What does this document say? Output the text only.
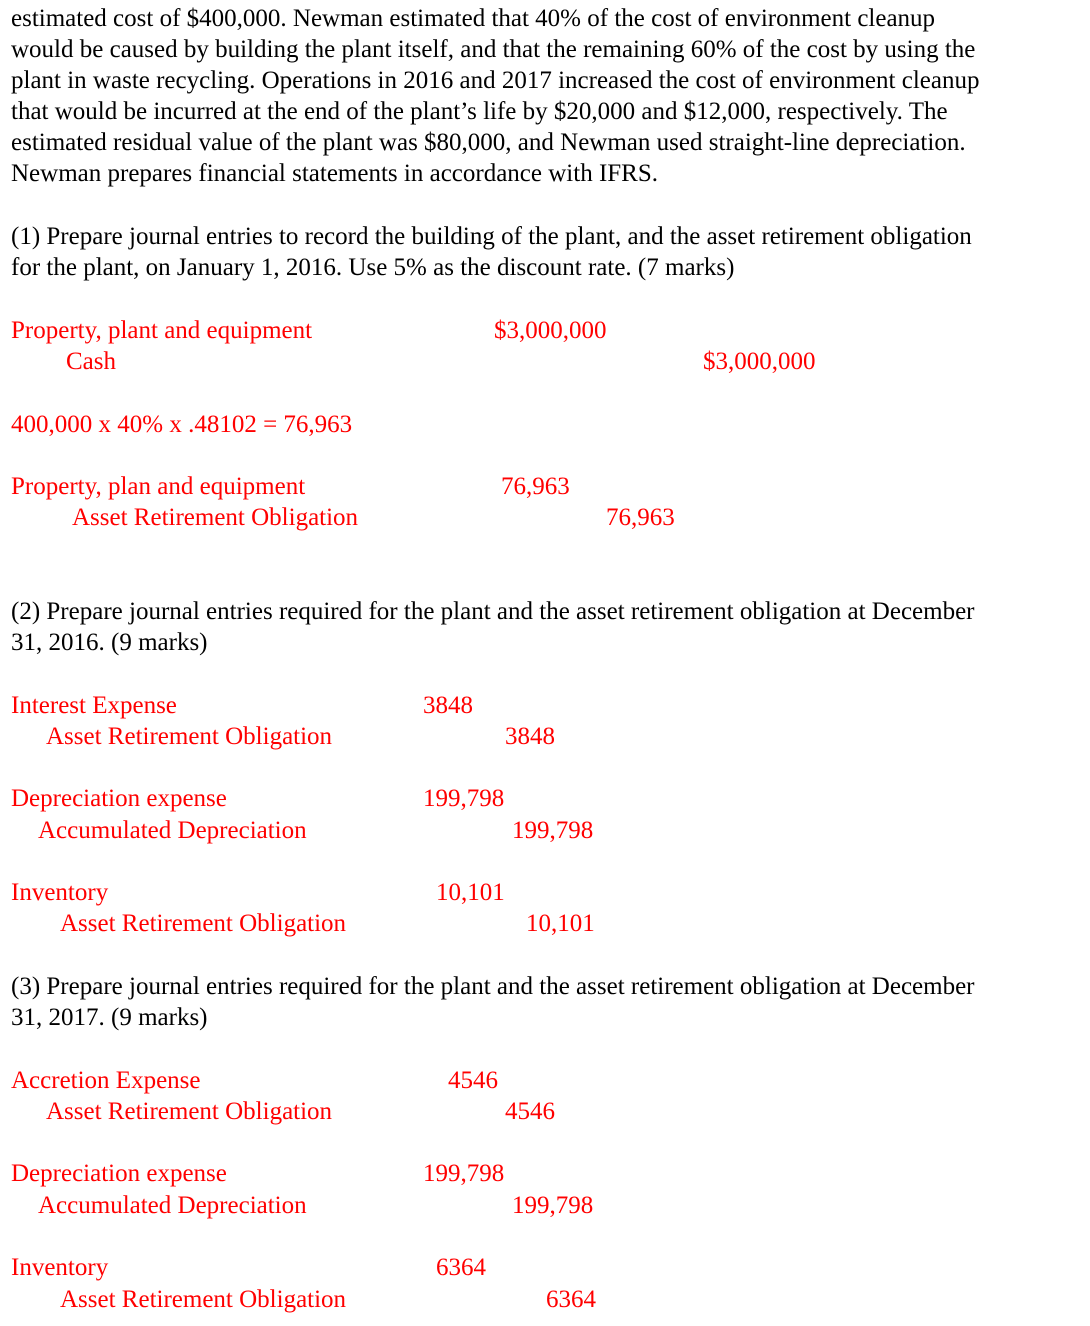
estimated cost of $400,000. Newman estimated that 40% of the cost of environment cleanup
would be caused by building the plant itself, and that the remaining 60% of the cost by using the
plant in waste recycling. Operations in 2016 and 2017 increased the cost of environment cleanup
that would be incurred at the end of the plant’s life by $20,000 and $12,000, respectively. The
estimated residual value of the plant was $80,000, and Newman used straight-line depreciation.
Newman prepares financial statements in accordance with IFRS.
(1) Prepare journal entries to record the building of the plant, and the asset retirement obligation
for the plant, on January 1, 2016. Use 5% as the discount rate. (7 marks)
Property, plant and equipment	$3,000,000
Cash	$3,000,000
400,000 x 40% x .48102 = 76,963
Property, plan and equipment	76,963
Asset Retirement Obligation	76,963
(2) Prepare journal entries required for the plant and the asset retirement obligation at December
31, 2016. (9 marks)
Interest Expense	3848
Asset Retirement Obligation	3848
Depreciation expense	199,798
Accumulated Depreciation	199,798
Inventory	10,101
Asset Retirement Obligation	10,101
(3) Prepare journal entries required for the plant and the asset retirement obligation at December
31, 2017. (9 marks)
Accretion Expense	4546
Asset Retirement Obligation	4546
Depreciation expense	199,798
Accumulated Depreciation	199,798
Inventory	6364
Asset Retirement Obligation	6364
